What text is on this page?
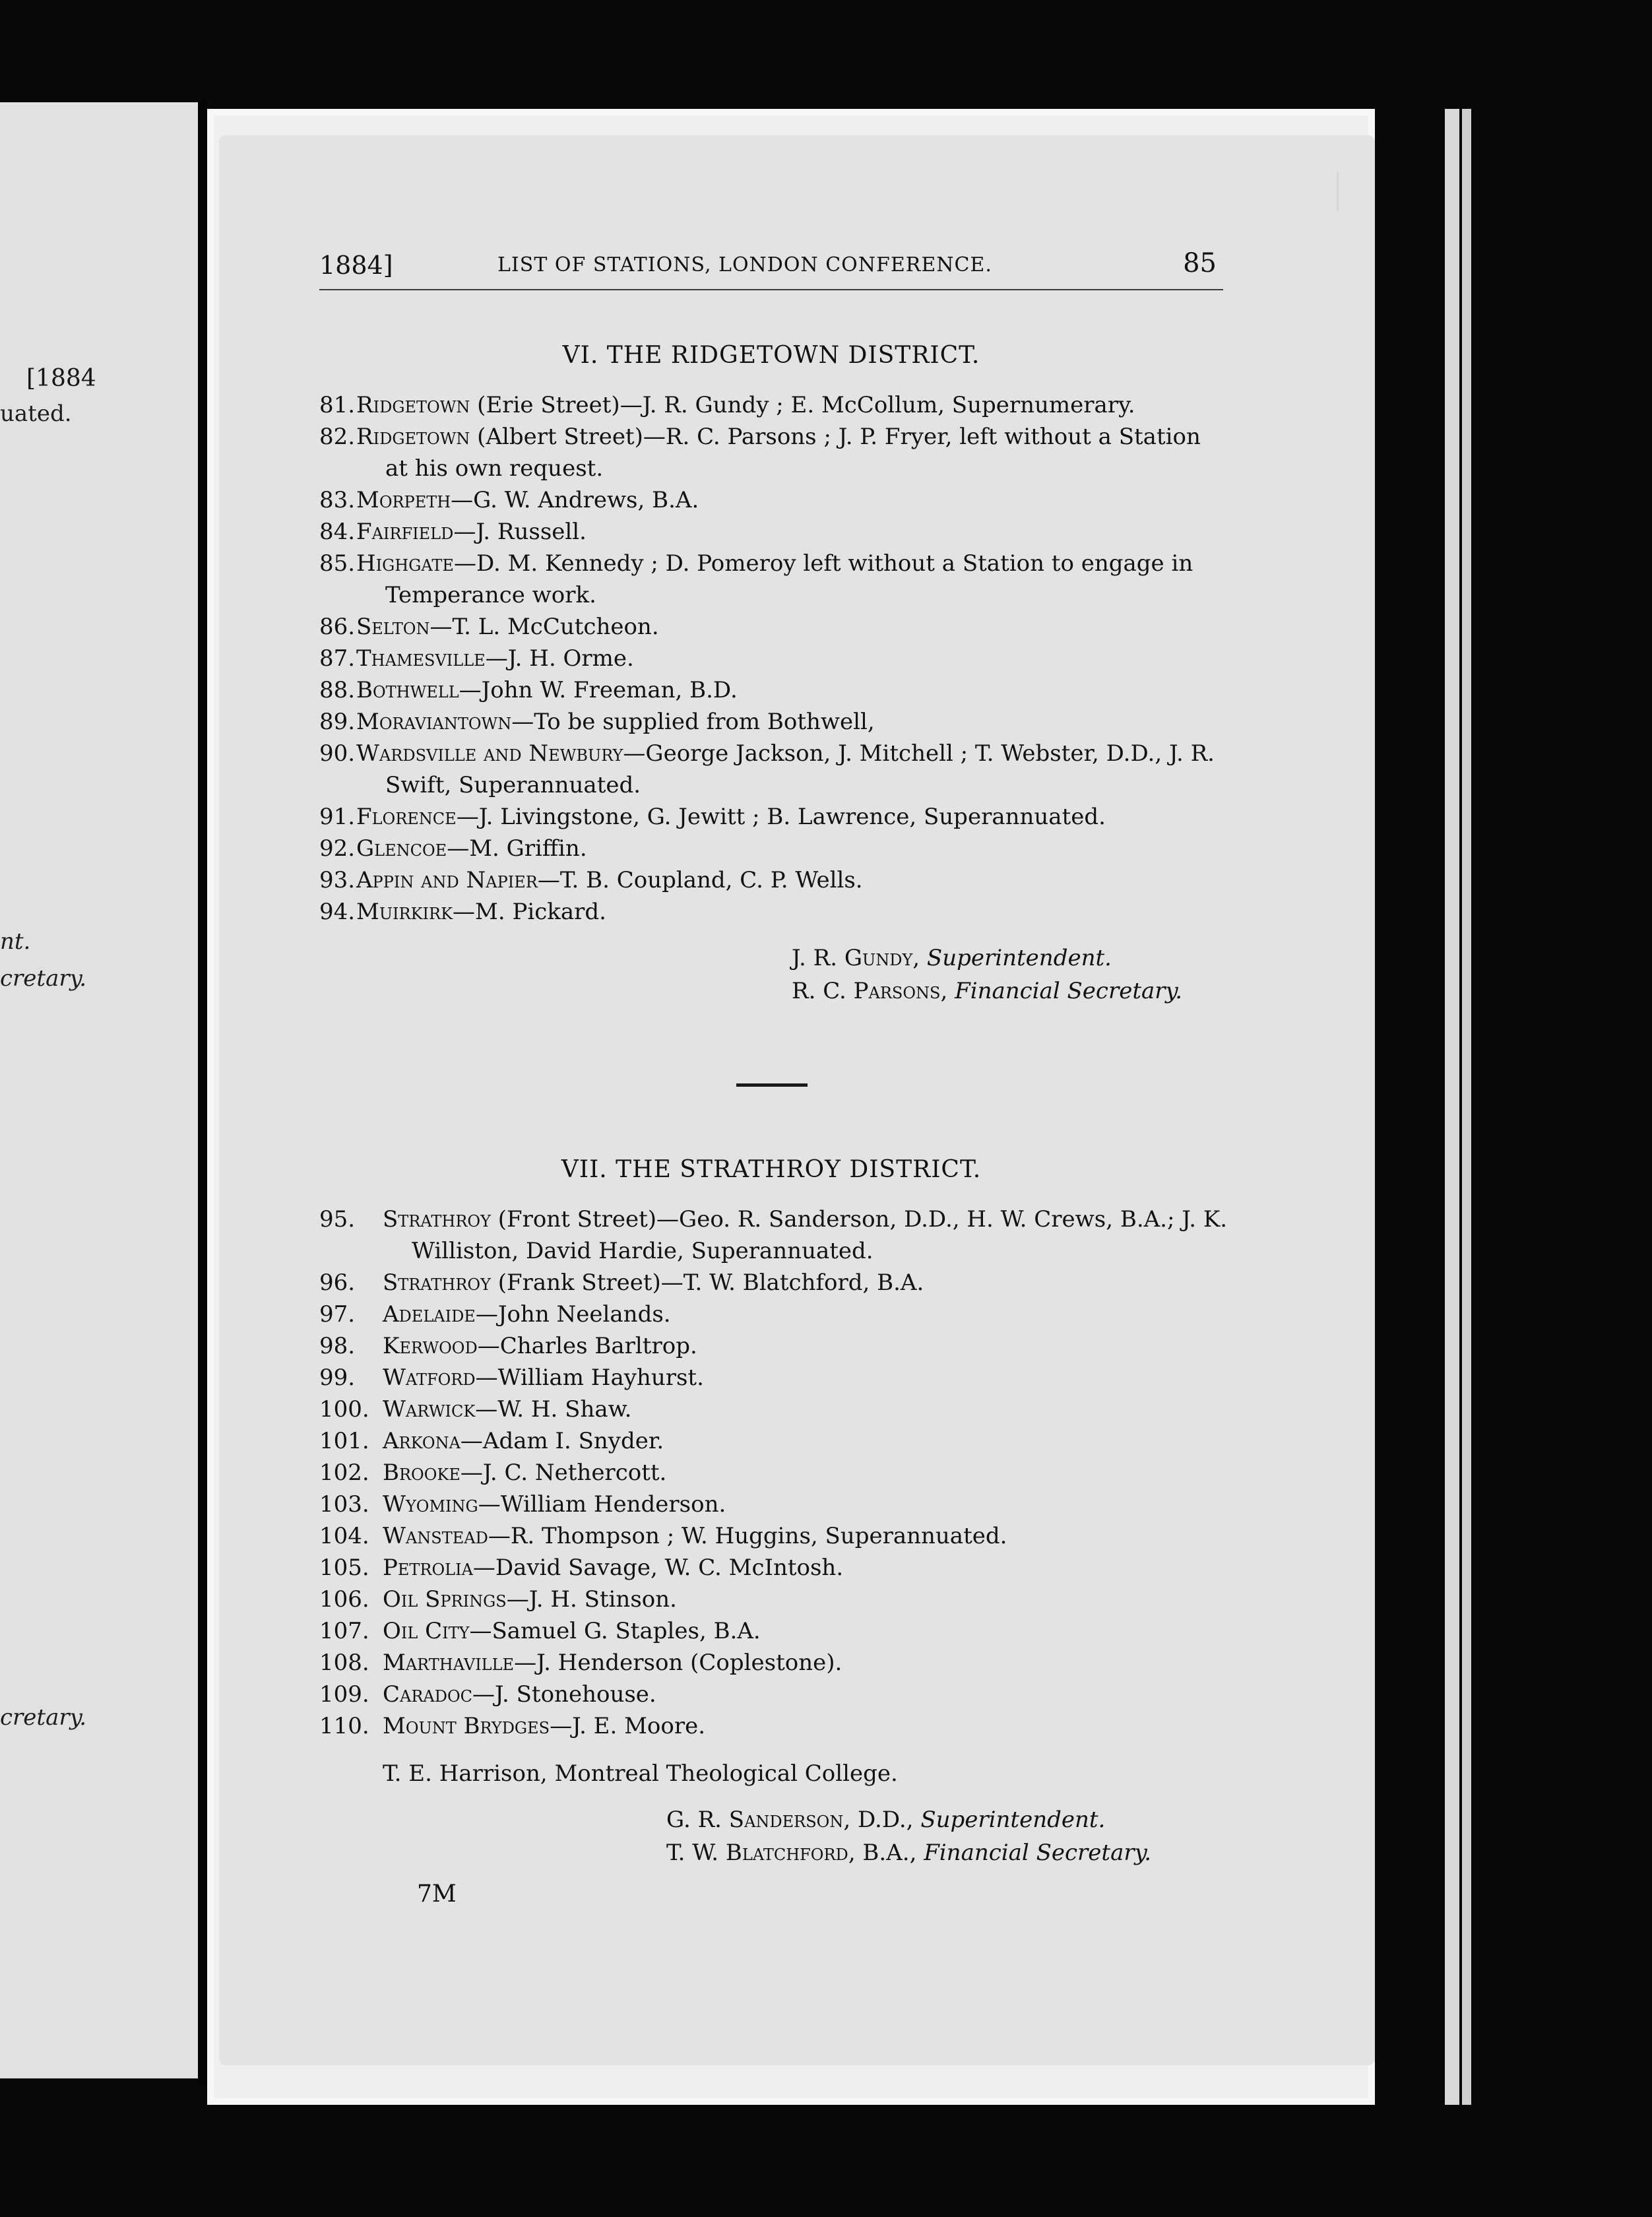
[1884
uated.
nt.
cretary.
cretary.
1884]	LIST OF STATIONS, LONDON CONFERENCE.	85
VI. THE RIDGETOWN DISTRICT.
81. Ridgetown (Erie Street)—J. R. Gundy ; E. McCollum, Supernumerary.
82. Ridgetown (Albert Street)—R. C. Parsons ; J. P. Fryer, left without a Station at his own request.
83. Morpeth—G. W. Andrews, B.A.
84. Fairfield—J. Russell.
85. Highgate—D. M. Kennedy ; D. Pomeroy left without a Station to engage in Temperance work.
86. Selton—T. L. McCutcheon.
87. Thamesville—J. H. Orme.
88. Bothwell—John W. Freeman, B.D.
89. Moraviantown—To be supplied from Bothwell,
90. Wardsville and Newbury—George Jackson, J. Mitchell ; T. Webster, D.D., J. R. Swift, Superannuated.
91. Florence—J. Livingstone, G. Jewitt ; B. Lawrence, Superannuated.
92. Glencoe—M. Griffin.
93. Appin and Napier—T. B. Coupland, C. P. Wells.
94. Muirkirk—M. Pickard.
J. R. Gundy, Superintendent.
R. C. Parsons, Financial Secretary.
VII. THE STRATHROY DISTRICT.
95. Strathroy (Front Street)—Geo. R. Sanderson, D.D., H. W. Crews, B.A.; J. K. Williston, David Hardie, Superannuated.
96. Strathroy (Frank Street)—T. W. Blatchford, B.A.
97. Adelaide—John Neelands.
98. Kerwood—Charles Barltrop.
99. Watford—William Hayhurst.
100. Warwick—W. H. Shaw.
101. Arkona—Adam I. Snyder.
102. Brooke—J. C. Nethercott.
103. Wyoming—William Henderson.
104. Wanstead—R. Thompson ; W. Huggins, Superannuated.
105. Petrolia—David Savage, W. C. McIntosh.
106. Oil Springs—J. H. Stinson.
107. Oil City—Samuel G. Staples, B.A.
108. Marthaville—J. Henderson (Coplestone).
109. Caradoc—J. Stonehouse.
110. Mount Brydges—J. E. Moore.
T. E. Harrison, Montreal Theological College.
G. R. Sanderson, D.D., Superintendent.
T. W. Blatchford, B.A., Financial Secretary.
7M
